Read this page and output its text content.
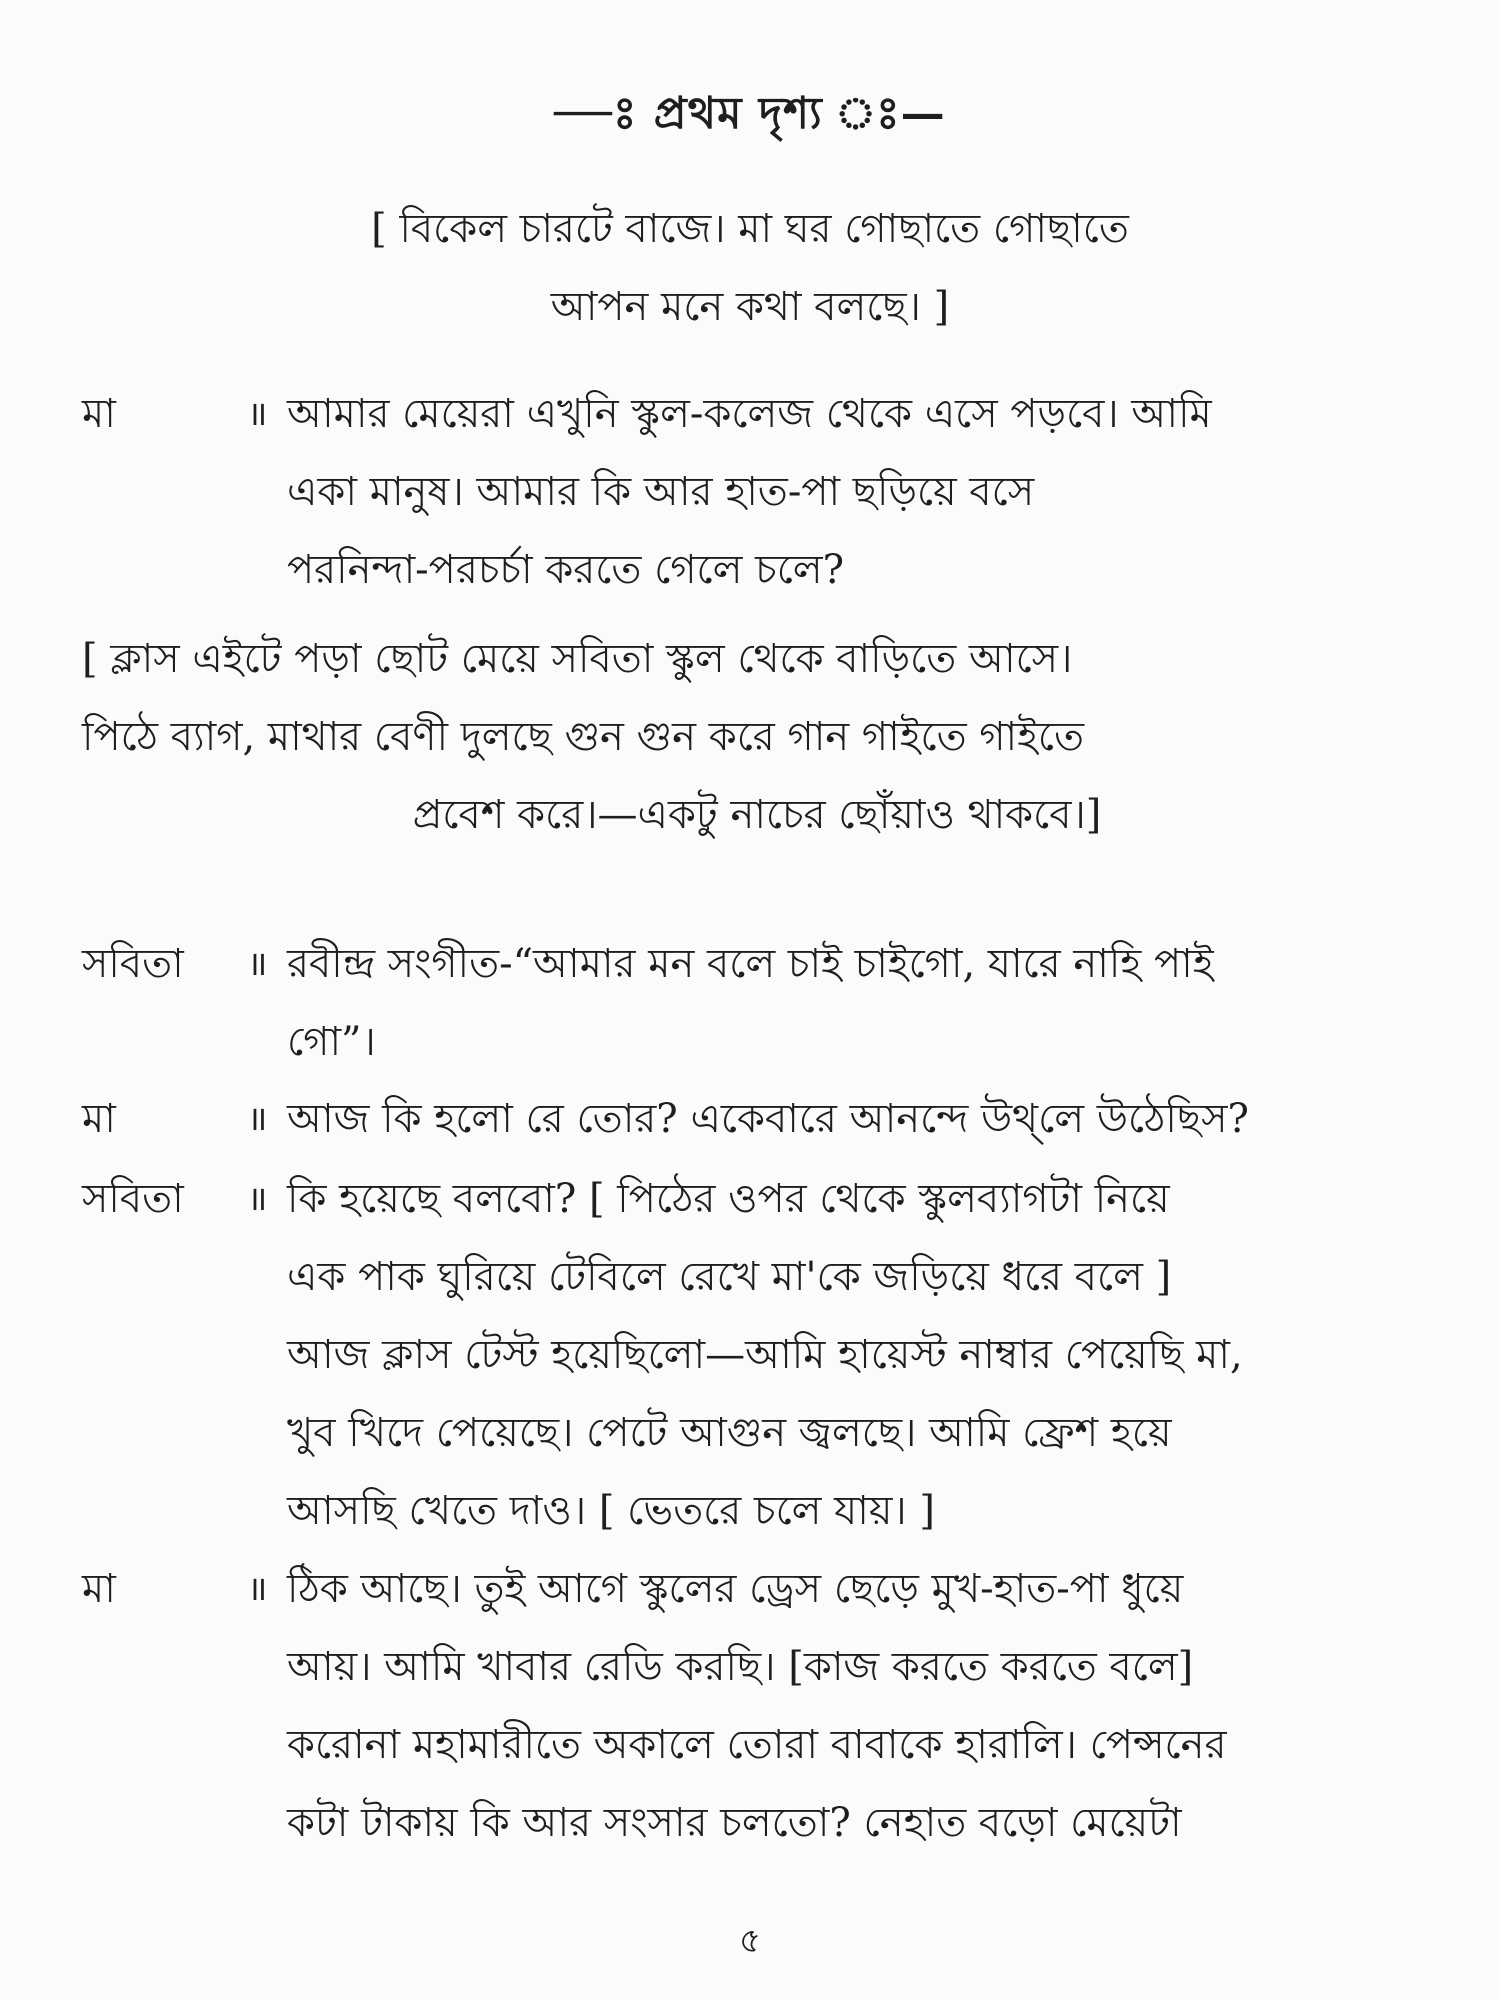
—ঃ প্রথম দৃশ্য ঃ—
[ বিকেল চারটে বাজে। মা ঘর গোছাতে গোছাতে
আপন মনে কথা বলছে। ]
মা	॥ আমার মেয়েরা এখুনি স্কুল-কলেজ থেকে এসে পড়বে। আমি
একা মানুষ। আমার কি আর হাত-পা ছড়িয়ে বসে
পরনিন্দা-পরচর্চা করতে গেলে চলে?
[ ক্লাস এইটে পড়া ছোট মেয়ে সবিতা স্কুল থেকে বাড়িতে আসে।
পিঠে ব্যাগ, মাথার বেণী দুলছে গুন গুন করে গান গাইতে গাইতে
প্রবেশ করে।—একটু নাচের ছোঁয়াও থাকবে।]
সবিতা	॥ রবীন্দ্র সংগীত-“আমার মন বলে চাই চাইগো, যারে নাহি পাই
গো”।
মা	॥ আজ কি হলো রে তোর? একেবারে আনন্দে উথ্‌লে উঠেছিস?
সবিতা	॥ কি হয়েছে বলবো? [ পিঠের ওপর থেকে স্কুলব্যাগটা নিয়ে
এক পাক ঘুরিয়ে টেবিলে রেখে মা'কে জড়িয়ে ধরে বলে ]
আজ ক্লাস টেস্ট হয়েছিলো—আমি হায়েস্ট নাম্বার পেয়েছি মা,
খুব খিদে পেয়েছে। পেটে আগুন জ্বলছে। আমি ফ্রেশ হয়ে
আসছি খেতে দাও। [ ভেতরে চলে যায়। ]
মা	॥ ঠিক আছে। তুই আগে স্কুলের ড্রেস ছেড়ে মুখ-হাত-পা ধুয়ে
আয়। আমি খাবার রেডি করছি। [কাজ করতে করতে বলে]
করোনা মহামারীতে অকালে তোরা বাবাকে হারালি। পেন্সনের
কটা টাকায় কি আর সংসার চলতো? নেহাত বড়ো মেয়েটা
৫
